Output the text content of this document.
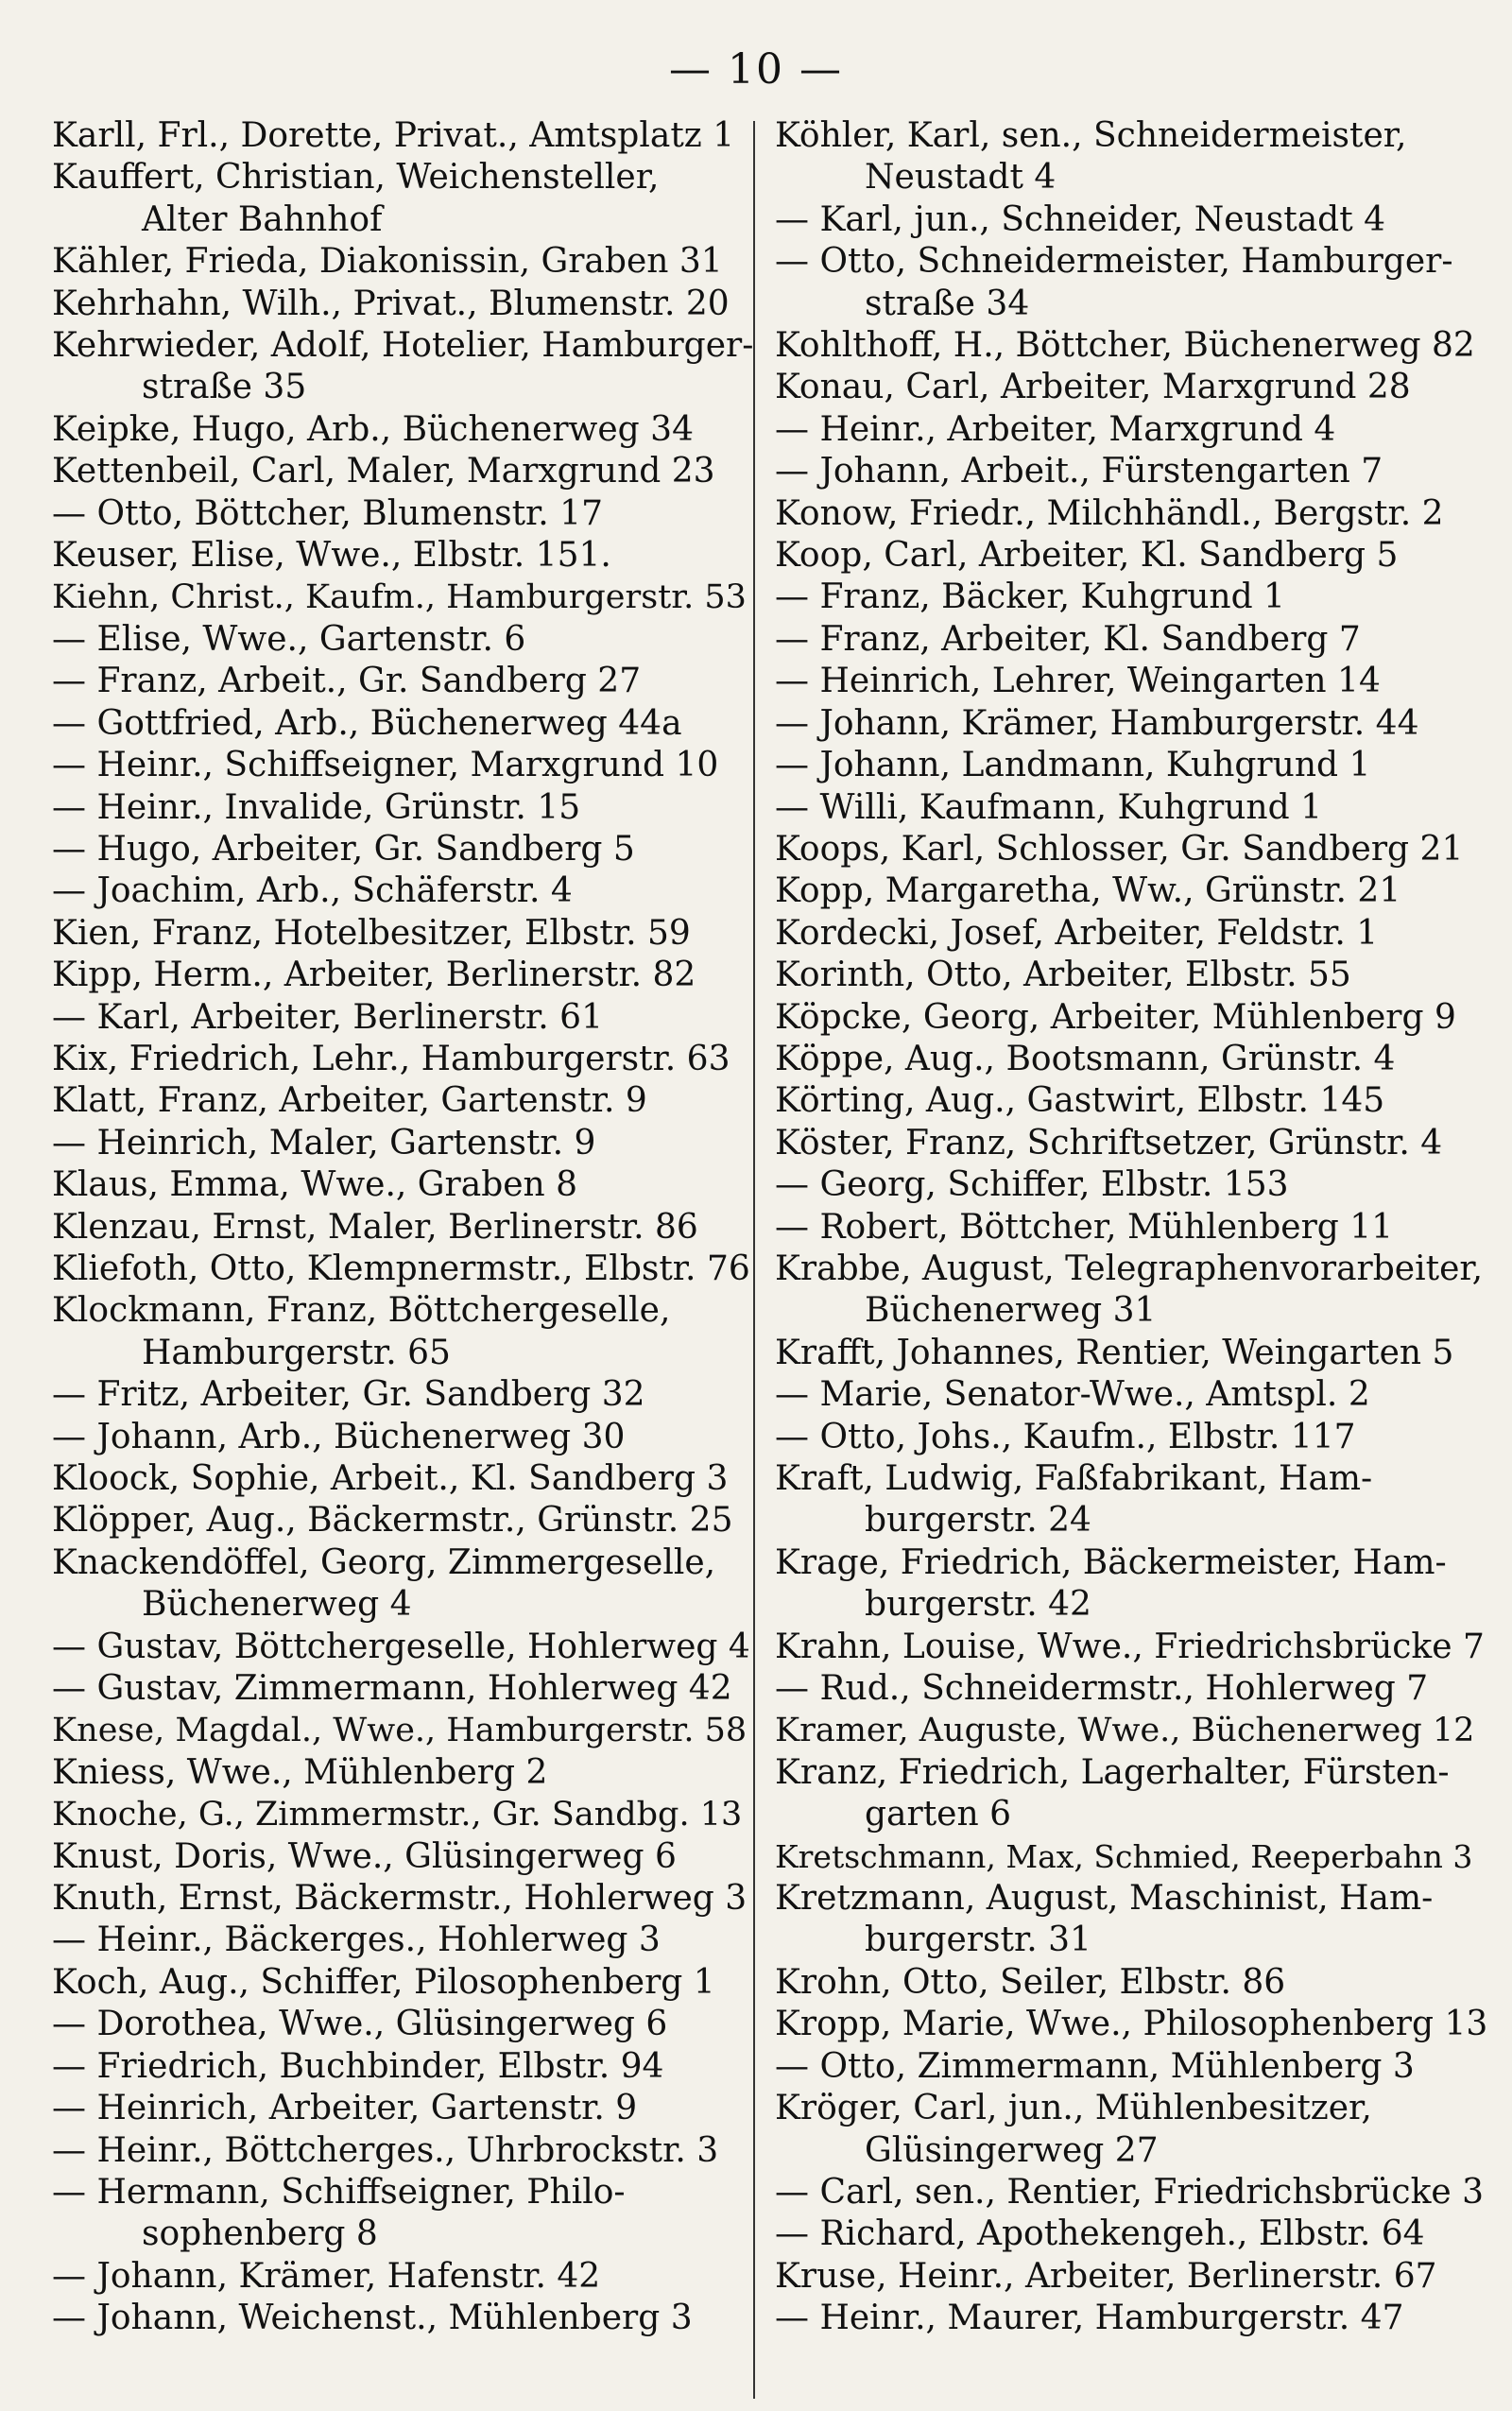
— 10 —
Karll, Frl., Dorette, Privat., Amtsplatz 1
Kauffert, Christian, Weichensteller,
Alter Bahnhof
Kähler, Frieda, Diakonissin, Graben 31
Kehrhahn, Wilh., Privat., Blumenstr. 20
Kehrwieder, Adolf, Hotelier, Hamburger-
straße 35
Keipke, Hugo, Arb., Büchenerweg 34
Kettenbeil, Carl, Maler, Marxgrund 23
— Otto, Böttcher, Blumenstr. 17
Keuser, Elise, Wwe., Elbstr. 151.
Kiehn, Christ., Kaufm., Hamburgerstr. 53
— Elise, Wwe., Gartenstr. 6
— Franz, Arbeit., Gr. Sandberg 27
— Gottfried, Arb., Büchenerweg 44a
— Heinr., Schiffseigner, Marxgrund 10
— Heinr., Invalide, Grünstr. 15
— Hugo, Arbeiter, Gr. Sandberg 5
— Joachim, Arb., Schäferstr. 4
Kien, Franz, Hotelbesitzer, Elbstr. 59
Kipp, Herm., Arbeiter, Berlinerstr. 82
— Karl, Arbeiter, Berlinerstr. 61
Kix, Friedrich, Lehr., Hamburgerstr. 63
Klatt, Franz, Arbeiter, Gartenstr. 9
— Heinrich, Maler, Gartenstr. 9
Klaus, Emma, Wwe., Graben 8
Klenzau, Ernst, Maler, Berlinerstr. 86
Kliefoth, Otto, Klempnermstr., Elbstr. 76
Klockmann, Franz, Böttchergeselle,
Hamburgerstr. 65
— Fritz, Arbeiter, Gr. Sandberg 32
— Johann, Arb., Büchenerweg 30
Kloock, Sophie, Arbeit., Kl. Sandberg 3
Klöpper, Aug., Bäckermstr., Grünstr. 25
Knackendöffel, Georg, Zimmergeselle,
Büchenerweg 4
— Gustav, Böttchergeselle, Hohlerweg 4
— Gustav, Zimmermann, Hohlerweg 42
Knese, Magdal., Wwe., Hamburgerstr. 58
Kniess, Wwe., Mühlenberg 2
Knoche, G., Zimmermstr., Gr. Sandbg. 13
Knust, Doris, Wwe., Glüsingerweg 6
Knuth, Ernst, Bäckermstr., Hohlerweg 3
— Heinr., Bäckerges., Hohlerweg 3
Koch, Aug., Schiffer, Pilosophenberg 1
— Dorothea, Wwe., Glüsingerweg 6
— Friedrich, Buchbinder, Elbstr. 94
— Heinrich, Arbeiter, Gartenstr. 9
— Heinr., Böttcherges., Uhrbrockstr. 3
— Hermann, Schiffseigner, Philo-
sophenberg 8
— Johann, Krämer, Hafenstr. 42
— Johann, Weichenst., Mühlenberg 3
Köhler, Karl, sen., Schneidermeister,
Neustadt 4
— Karl, jun., Schneider, Neustadt 4
— Otto, Schneidermeister, Hamburger-
straße 34
Kohlthoff, H., Böttcher, Büchenerweg 82
Konau, Carl, Arbeiter, Marxgrund 28
— Heinr., Arbeiter, Marxgrund 4
— Johann, Arbeit., Fürstengarten 7
Konow, Friedr., Milchhändl., Bergstr. 2
Koop, Carl, Arbeiter, Kl. Sandberg 5
— Franz, Bäcker, Kuhgrund 1
— Franz, Arbeiter, Kl. Sandberg 7
— Heinrich, Lehrer, Weingarten 14
— Johann, Krämer, Hamburgerstr. 44
— Johann, Landmann, Kuhgrund 1
— Willi, Kaufmann, Kuhgrund 1
Koops, Karl, Schlosser, Gr. Sandberg 21
Kopp, Margaretha, Ww., Grünstr. 21
Kordecki, Josef, Arbeiter, Feldstr. 1
Korinth, Otto, Arbeiter, Elbstr. 55
Köpcke, Georg, Arbeiter, Mühlenberg 9
Köppe, Aug., Bootsmann, Grünstr. 4
Körting, Aug., Gastwirt, Elbstr. 145
Köster, Franz, Schriftsetzer, Grünstr. 4
— Georg, Schiffer, Elbstr. 153
— Robert, Böttcher, Mühlenberg 11
Krabbe, August, Telegraphenvorarbeiter,
Büchenerweg 31
Krafft, Johannes, Rentier, Weingarten 5
— Marie, Senator-Wwe., Amtspl. 2
— Otto, Johs., Kaufm., Elbstr. 117
Kraft, Ludwig, Faßfabrikant, Ham-
burgerstr. 24
Krage, Friedrich, Bäckermeister, Ham-
burgerstr. 42
Krahn, Louise, Wwe., Friedrichsbrücke 7
— Rud., Schneidermstr., Hohlerweg 7
Kramer, Auguste, Wwe., Büchenerweg 12
Kranz, Friedrich, Lagerhalter, Fürsten-
garten 6
Kretschmann, Max, Schmied, Reeperbahn 3
Kretzmann, August, Maschinist, Ham-
burgerstr. 31
Krohn, Otto, Seiler, Elbstr. 86
Kropp, Marie, Wwe., Philosophenberg 13
— Otto, Zimmermann, Mühlenberg 3
Kröger, Carl, jun., Mühlenbesitzer,
Glüsingerweg 27
— Carl, sen., Rentier, Friedrichsbrücke 3
— Richard, Apothekengeh., Elbstr. 64
Kruse, Heinr., Arbeiter, Berlinerstr. 67
— Heinr., Maurer, Hamburgerstr. 47
